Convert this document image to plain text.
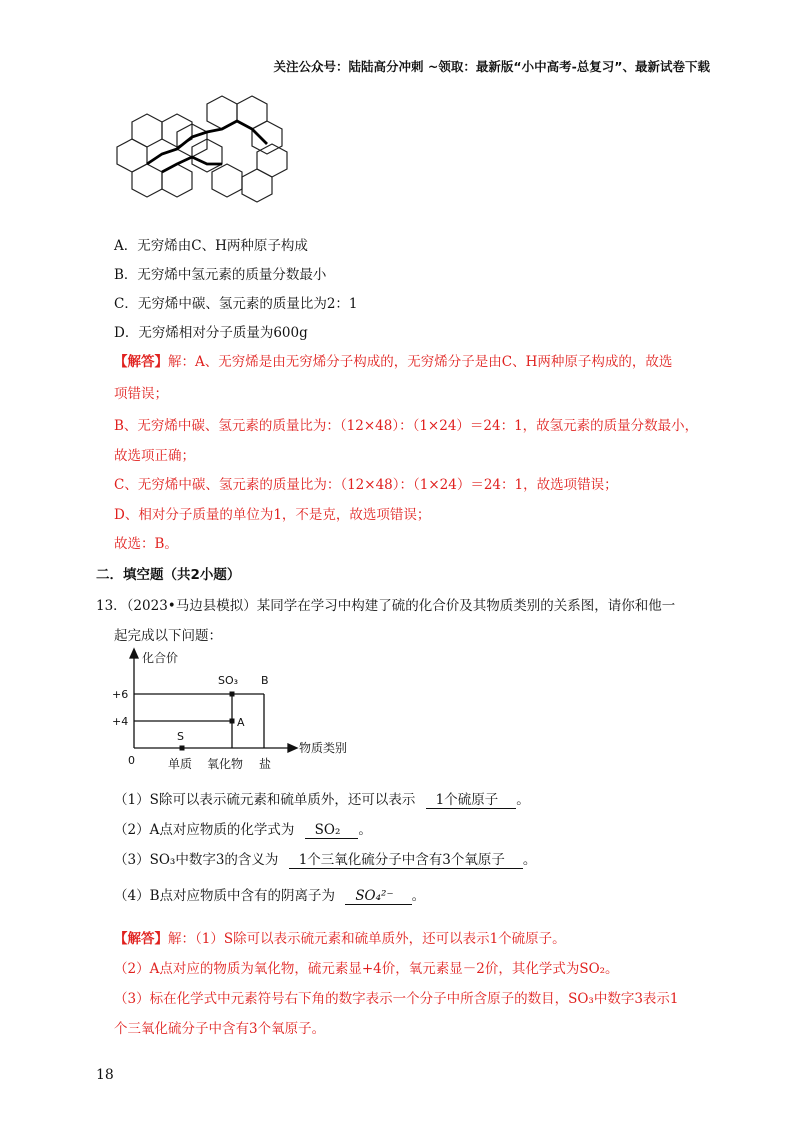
关注公众号：陆陆高分冲刺 ~领取：最新版“小中高考-总复习”、最新试卷下载
A．无穷烯由C、H两种原子构成
B．无穷烯中氢元素的质量分数最小
C．无穷烯中碳、氢元素的质量比为2：1
D．无穷烯相对分子质量为600g
【解答】解：A、无穷烯是由无穷烯分子构成的，无穷烯分子是由C、H两种原子构成的，故选
项错误；
B、无穷烯中碳、氢元素的质量比为：（12×48）：（1×24）＝24：1，故氢元素的质量分数最小，
故选项正确；
C、无穷烯中碳、氢元素的质量比为：（12×48）：（1×24）＝24：1，故选项错误；
D、相对分子质量的单位为1，不是克，故选项错误；
故选：B。
二．填空题（共2小题）
13．（2023•马边县模拟）某同学在学习中构建了硫的化合价及其物质类别的关系图，请你和他一
起完成以下问题：
化合价
物质类别
+6
+4
0	单质 氧化物 盐
SO₃ B
A
S
（1）S除可以表示硫元素和硫单质外，还可以表示 1个硫原子 。
（2）A点对应物质的化学式为 SO₂ 。
（3）SO₃中数字3的含义为 1个三氧化硫分子中含有3个氧原子 。
（4）B点对应物质中含有的阴离子为 SO₄²⁻ 。
【解答】解：（1）S除可以表示硫元素和硫单质外，还可以表示1个硫原子。
（2）A点对应的物质为氧化物，硫元素显+4价，氧元素显－2价，其化学式为SO₂。
（3）标在化学式中元素符号右下角的数字表示一个分子中所含原子的数目，SO₃中数字3表示1
个三氧化硫分子中含有3个氧原子。
18
